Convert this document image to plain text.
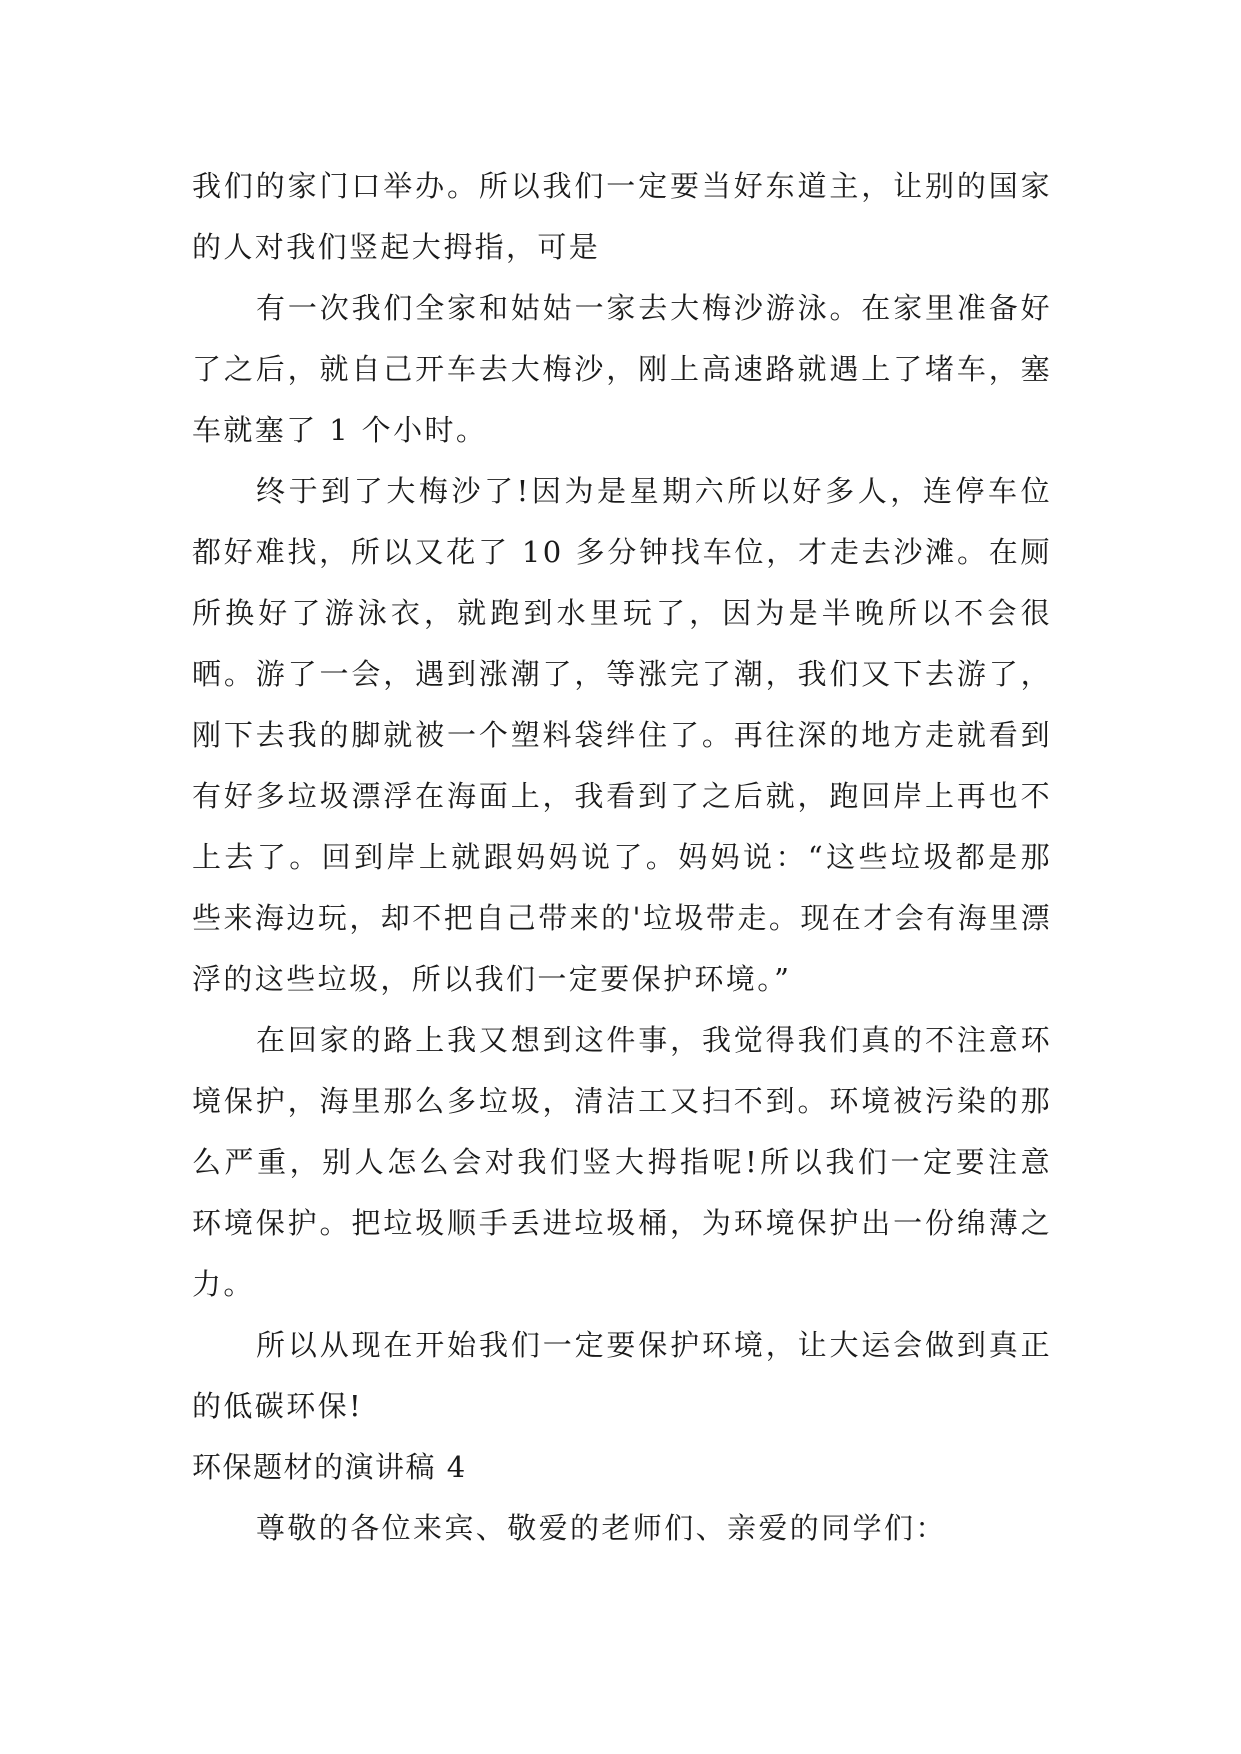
我们的家门口举办。所以我们一定要当好东道主，让别的国家的人对我们竖起大拇指，可是

有一次我们全家和姑姑一家去大梅沙游泳。在家里准备好了之后，就自己开车去大梅沙，刚上高速路就遇上了堵车，塞车就塞了 1 个小时。

终于到了大梅沙了!因为是星期六所以好多人，连停车位都好难找，所以又花了 10 多分钟找车位，才走去沙滩。在厕所换好了游泳衣，就跑到水里玩了，因为是半晚所以不会很晒。游了一会，遇到涨潮了，等涨完了潮，我们又下去游了，刚下去我的脚就被一个塑料袋绊住了。再往深的地方走就看到有好多垃圾漂浮在海面上，我看到了之后就，跑回岸上再也不上去了。回到岸上就跟妈妈说了。妈妈说：“这些垃圾都是那些来海边玩，却不把自己带来的'垃圾带走。现在才会有海里漂浮的这些垃圾，所以我们一定要保护环境。”

在回家的路上我又想到这件事，我觉得我们真的不注意环境保护，海里那么多垃圾，清洁工又扫不到。环境被污染的那么严重，别人怎么会对我们竖大拇指呢!所以我们一定要注意环境保护。把垃圾顺手丢进垃圾桶，为环境保护出一份绵薄之力。

所以从现在开始我们一定要保护环境，让大运会做到真正的低碳环保!

环保题材的演讲稿 4

尊敬的各位来宾、敬爱的老师们、亲爱的同学们：
